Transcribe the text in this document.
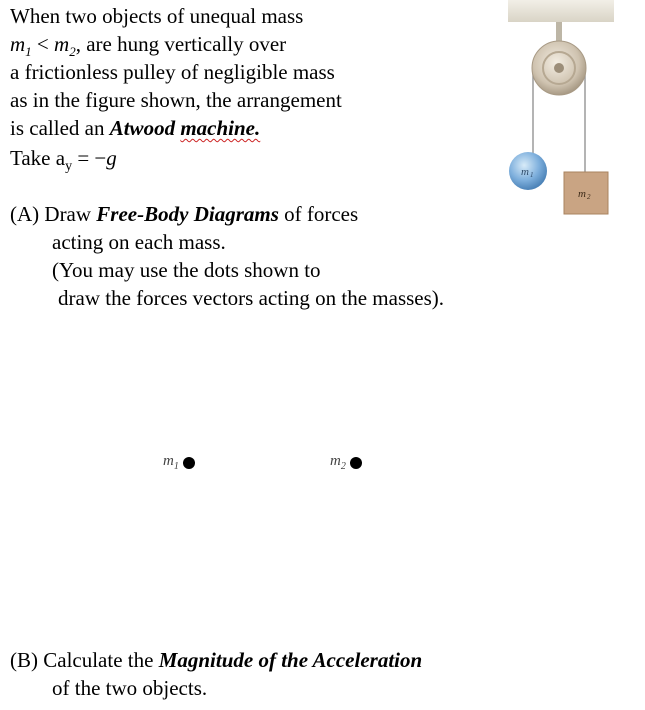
When two objects of unequal mass
$m_1 < m_2$, are hung vertically over
a frictionless pulley of negligible mass
as in the figure shown, the arrangement
is called an Atwood machine.
Take $a_y = -g$
(A) Draw Free-Body Diagrams of forces
acting on each mass.
(You may use the dots shown to
draw the forces vectors acting on the masses).
$m_1$	$m_2$
(B) Calculate the Magnitude of the Acceleration
of the two objects.
m 1
m 2
